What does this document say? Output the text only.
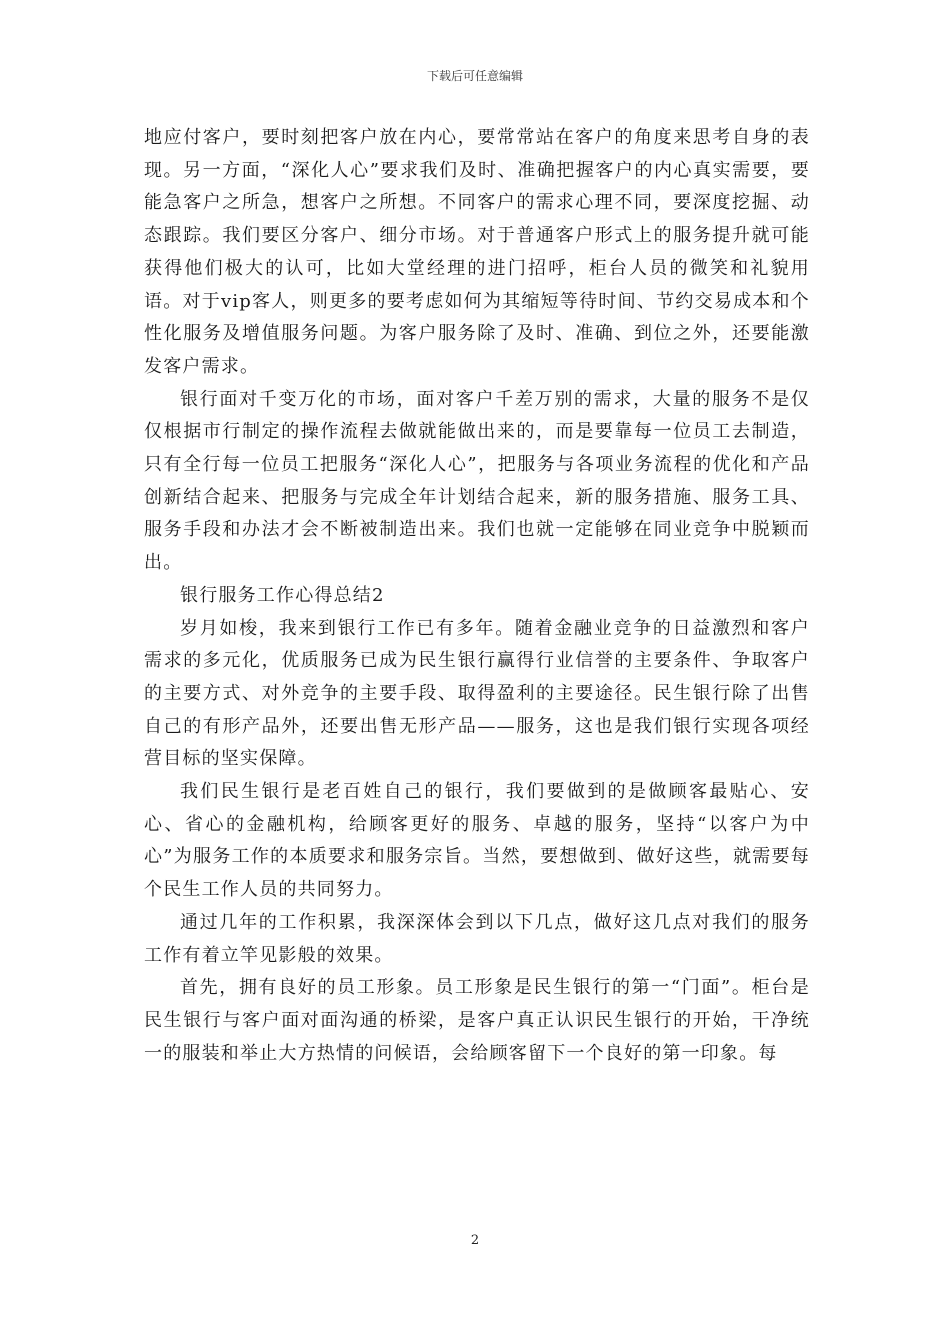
下载后可任意编辑

地应付客户，要时刻把客户放在内心，要常常站在客户的角度来思考自身的表现。另一方面，“深化人心”要求我们及时、准确把握客户的内心真实需要，要能急客户之所急，想客户之所想。不同客户的需求心理不同，要深度挖掘、动态跟踪。我们要区分客户、细分市场。对于普通客户形式上的服务提升就可能获得他们极大的认可，比如大堂经理的进门招呼，柜台人员的微笑和礼貌用语。对于vip客人，则更多的要考虑如何为其缩短等待时间、节约交易成本和个性化服务及增值服务问题。为客户服务除了及时、准确、到位之外，还要能激发客户需求。

银行面对千变万化的市场，面对客户千差万别的需求，大量的服务不是仅仅根据市行制定的操作流程去做就能做出来的，而是要靠每一位员工去制造，只有全行每一位员工把服务“深化人心”，把服务与各项业务流程的优化和产品创新结合起来、把服务与完成全年计划结合起来，新的服务措施、服务工具、服务手段和办法才会不断被制造出来。我们也就一定能够在同业竞争中脱颖而出。

银行服务工作心得总结2

岁月如梭，我来到银行工作已有多年。随着金融业竞争的日益激烈和客户需求的多元化，优质服务已成为民生银行赢得行业信誉的主要条件、争取客户的主要方式、对外竞争的主要手段、取得盈利的主要途径。民生银行除了出售自己的有形产品外，还要出售无形产品——服务，这也是我们银行实现各项经营目标的坚实保障。

我们民生银行是老百姓自己的银行，我们要做到的是做顾客最贴心、安心、省心的金融机构，给顾客更好的服务、卓越的服务，坚持“以客户为中心”为服务工作的本质要求和服务宗旨。当然，要想做到、做好这些，就需要每个民生工作人员的共同努力。

通过几年的工作积累，我深深体会到以下几点，做好这几点对我们的服务工作有着立竿见影般的效果。

首先，拥有良好的员工形象。员工形象是民生银行的第一“门面”。柜台是民生银行与客户面对面沟通的桥梁，是客户真正认识民生银行的开始，干净统一的服装和举止大方热情的问候语，会给顾客留下一个良好的第一印象。每

2
